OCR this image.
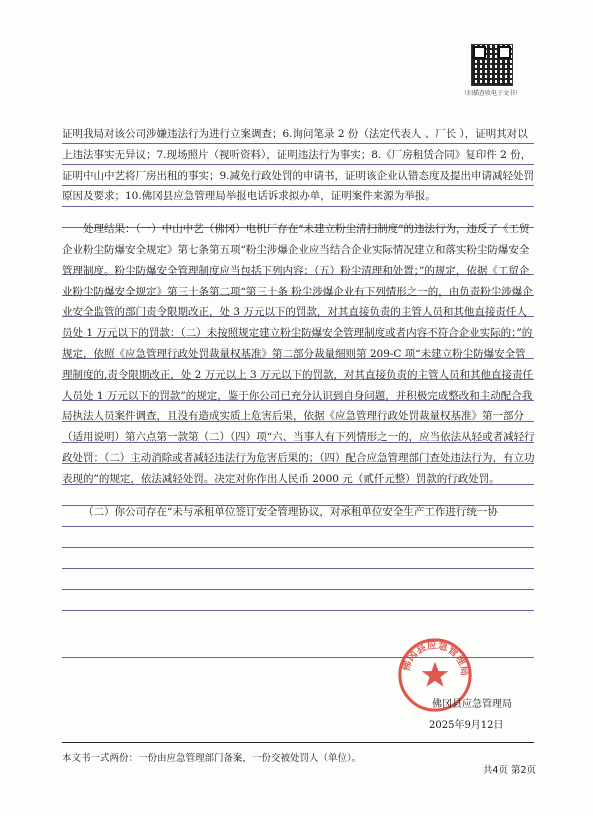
（扫描查收电子文书）

证明我局对该公司涉嫌违法行为进行立案调查；6.询问笔录 2 份（法定代表人 、厂长 ），证明其对以上违法事实无异议；7.现场照片（视听资料），证明违法行为事实；8.《厂房租赁合同》复印件 2 份，证明中山中艺将厂房出租的事实；9.减免行政处罚的申请书，证明该企业认错态度及提出申请减轻处罚原因及要求；10.佛冈县应急管理局举报电话诉求拟办单，证明案件来源为举报。

处理结果：（一）中山中艺（佛冈）电机厂存在“未建立粉尘清扫制度”的违法行为，违反了《工贸企业粉尘防爆安全规定》第七条第五项“粉尘涉爆企业应当结合企业实际情况建立和落实粉尘防爆安全管理制度。粉尘防爆安全管理制度应当包括下列内容：（五）粉尘清理和处置；”的规定，依据《工贸企业粉尘防爆安全规定》第三十条第二项“第三十条 粉尘涉爆企业有下列情形之一的，由负责粉尘涉爆企业安全监管的部门责令限期改正，处 3 万元以下的罚款，对其直接负责的主管人员和其他直接责任人员处 1 万元以下的罚款：（二）未按照规定建立粉尘防爆安全管理制度或者内容不符合企业实际的；”的规定，依照《应急管理行政处罚裁量权基准》第二部分裁量细则第 209-C 项“未建立粉尘防爆安全管理制度的,责令限期改正，处 2 万元以上 3 万元以下的罚款，对其直接负责的主管人员和其他直接责任人员处 1 万元以下的罚款”的规定，鉴于你公司已充分认识到自身问题，并积极完成整改和主动配合我局执法人员案件调查，且没有造成实质上危害后果，依据《应急管理行政处罚裁量权基准》第一部分（适用说明）第六点第一款第（二）（四）项“六、当事人有下列情形之一的，应当依法从轻或者减轻行政处罚：（二）主动消除或者减轻违法行为危害后果的；（四）配合应急管理部门查处违法行为，有立功表现的”的规定，依法减轻处罚。决定对你作出人民币 2000 元（贰仟元整）罚款的行政处罚。

（二）你公司存在“未与承租单位签订安全管理协议，对承租单位安全生产工作进行统一协

佛冈县应急管理局
佛冈县应急管理局
2025年9月12日
本文书一式两份：一份由应急管理部门备案，一份交被处罚人（单位）。
共4页 第2页
